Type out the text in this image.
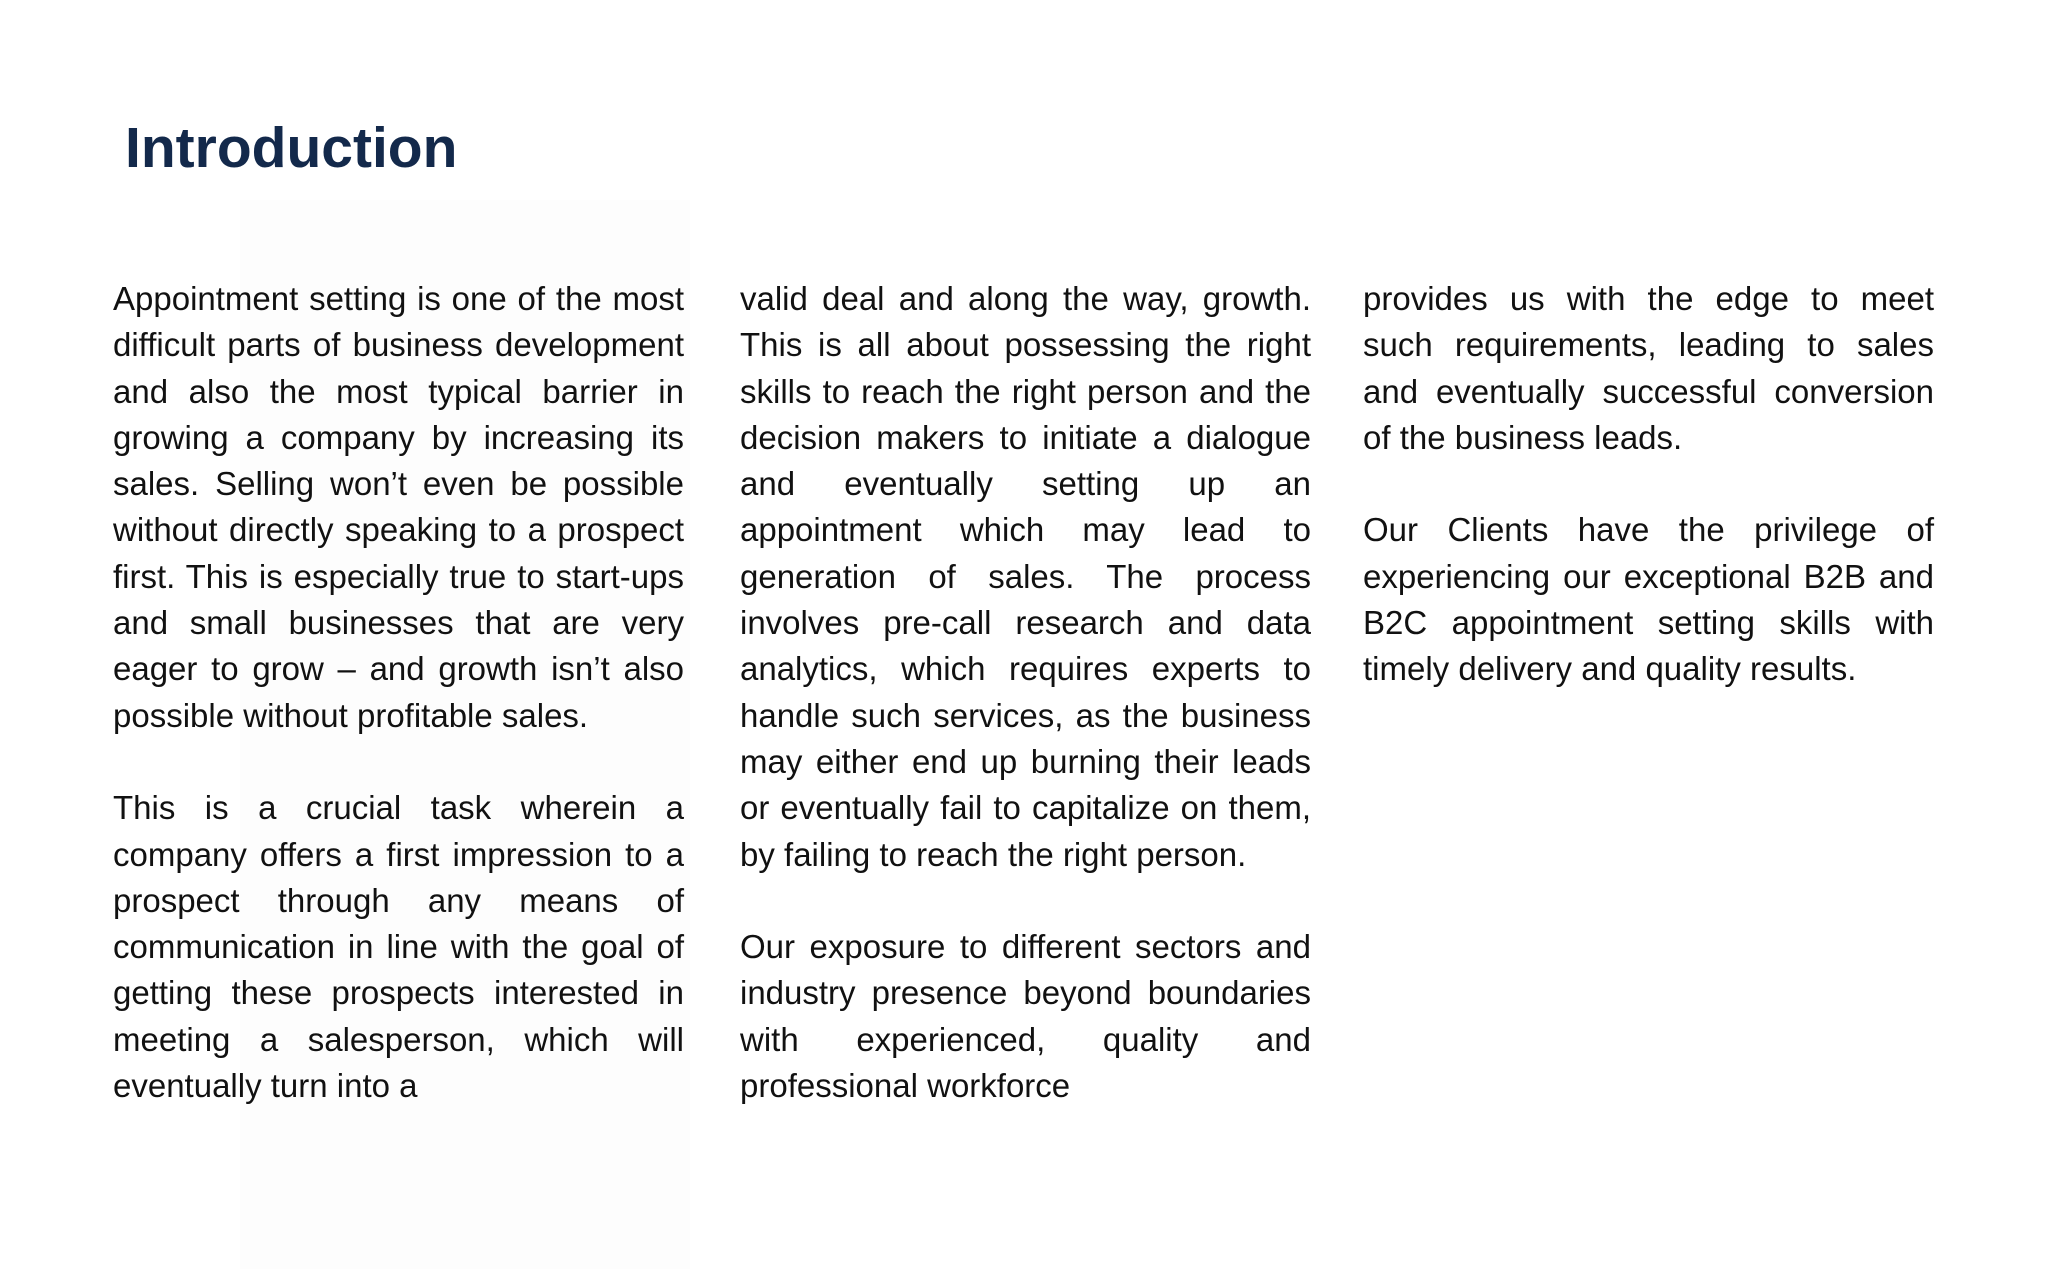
Introduction

Appointment setting is one of the most difficult parts of business development and also the most typical barrier in growing a company by increasing its sales. Selling won’t even be possible without directly speaking to a prospect first. This is especially true to start-ups and small businesses that are very eager to grow – and growth isn’t also possible without profitable sales.

This is a crucial task wherein a company offers a first impression to a prospect through any means of communication in line with the goal of getting these prospects interested in meeting a salesperson, which will eventually turn into a

valid deal and along the way, growth. This is all about possessing the right skills to reach the right person and the decision makers to initiate a dialogue and eventually setting up an appointment which may lead to generation of sales. The process involves pre-call research and data analytics, which requires experts to handle such services, as the business may either end up burning their leads or eventually fail to capitalize on them, by failing to reach the right person.

Our exposure to different sectors and industry presence beyond boundaries with experienced, quality and professional workforce

provides us with the edge to meet such requirements, leading to sales and eventually successful conversion of the business leads.

Our Clients have the privilege of experiencing our exceptional B2B and B2C appointment setting skills with timely delivery and quality results.
